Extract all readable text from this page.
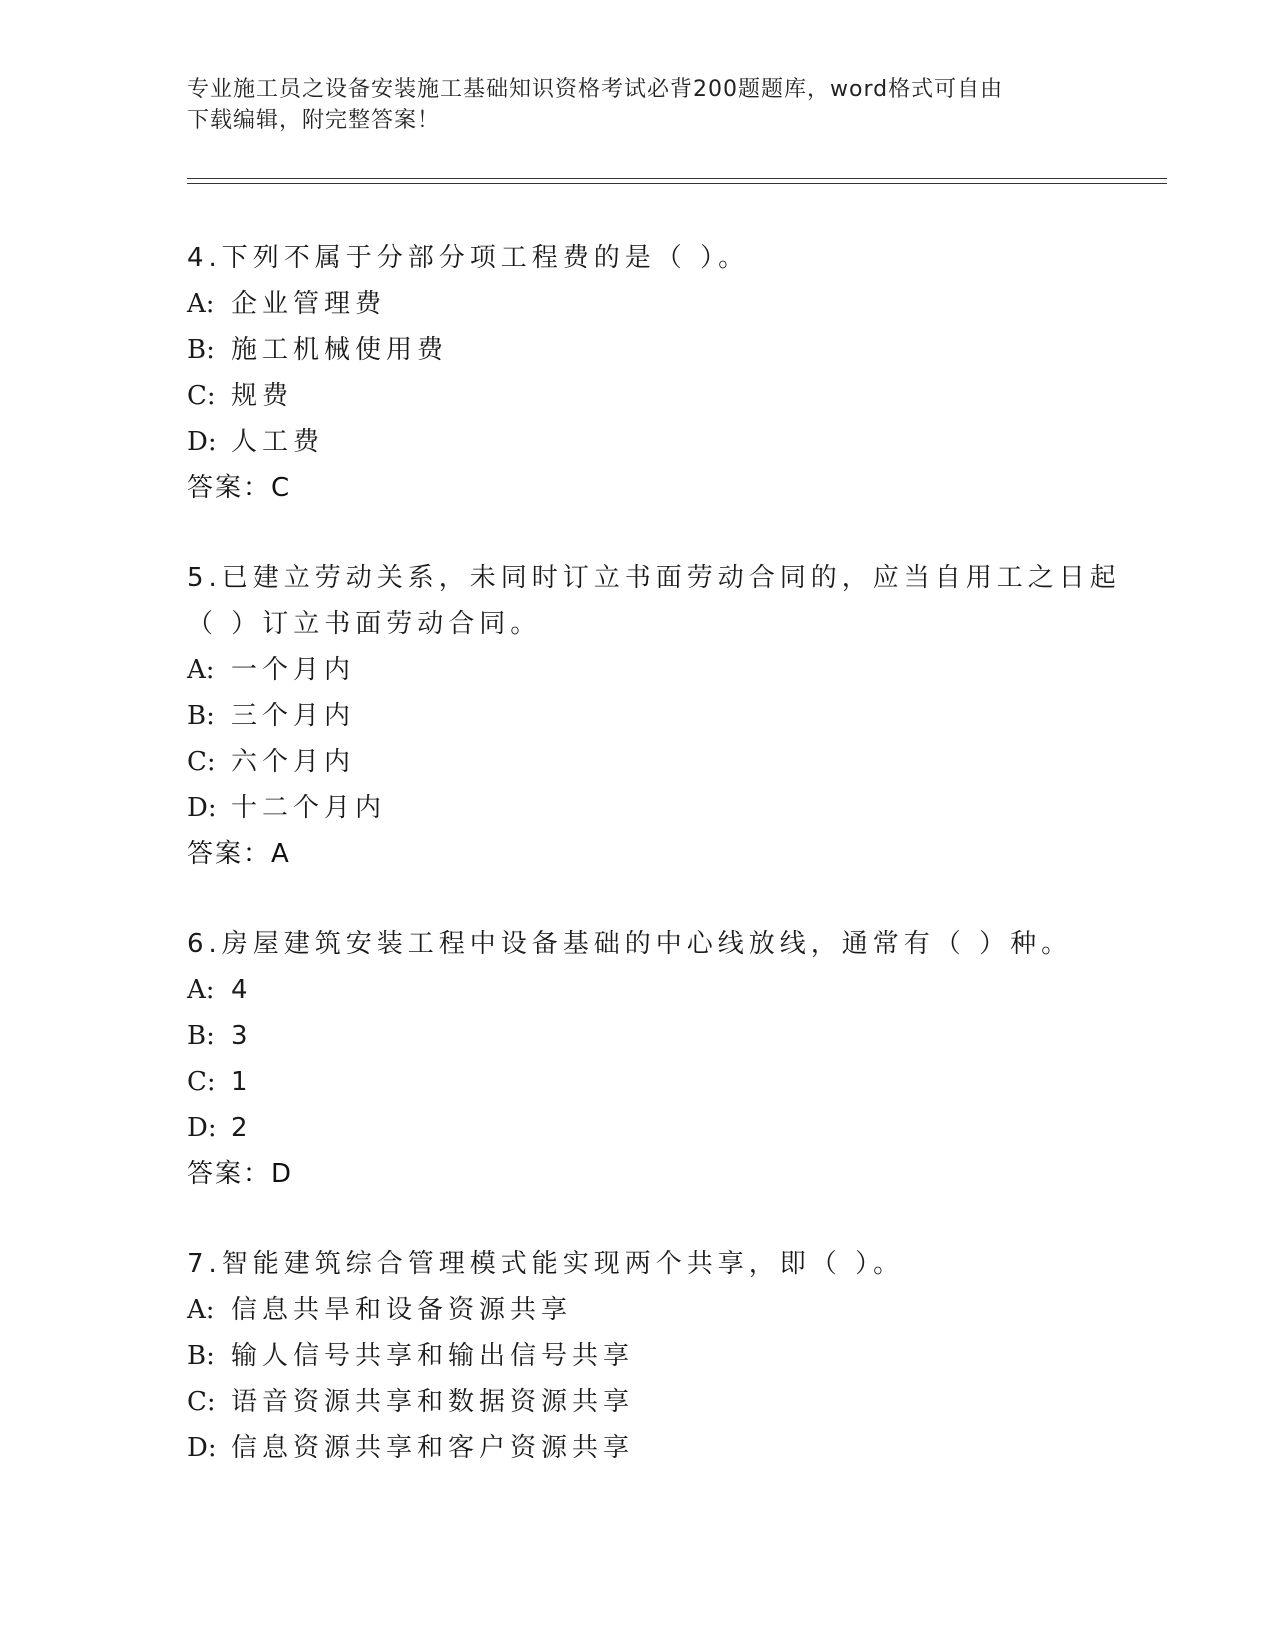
专业施工员之设备安装施工基础知识资格考试必背200题题库，word格式可自由
下载编辑，附完整答案！
4.下列不属于分部分项工程费的是（ ）。
A: 企业管理费
B: 施工机械使用费
C: 规费
D: 人工费
答案：C
5.已建立劳动关系，未同时订立书面劳动合同的，应当自用工之日起
（ ）订立书面劳动合同。
A: 一个月内
B: 三个月内
C: 六个月内
D: 十二个月内
答案：A
6.房屋建筑安装工程中设备基础的中心线放线，通常有（ ）种。
A: 4
B: 3
C: 1
D: 2
答案：D
7.智能建筑综合管理模式能实现两个共享，即（ ）。
A: 信息共旱和设备资源共享
B: 输人信号共享和输出信号共享
C: 语音资源共享和数据资源共享
D: 信息资源共享和客户资源共享
